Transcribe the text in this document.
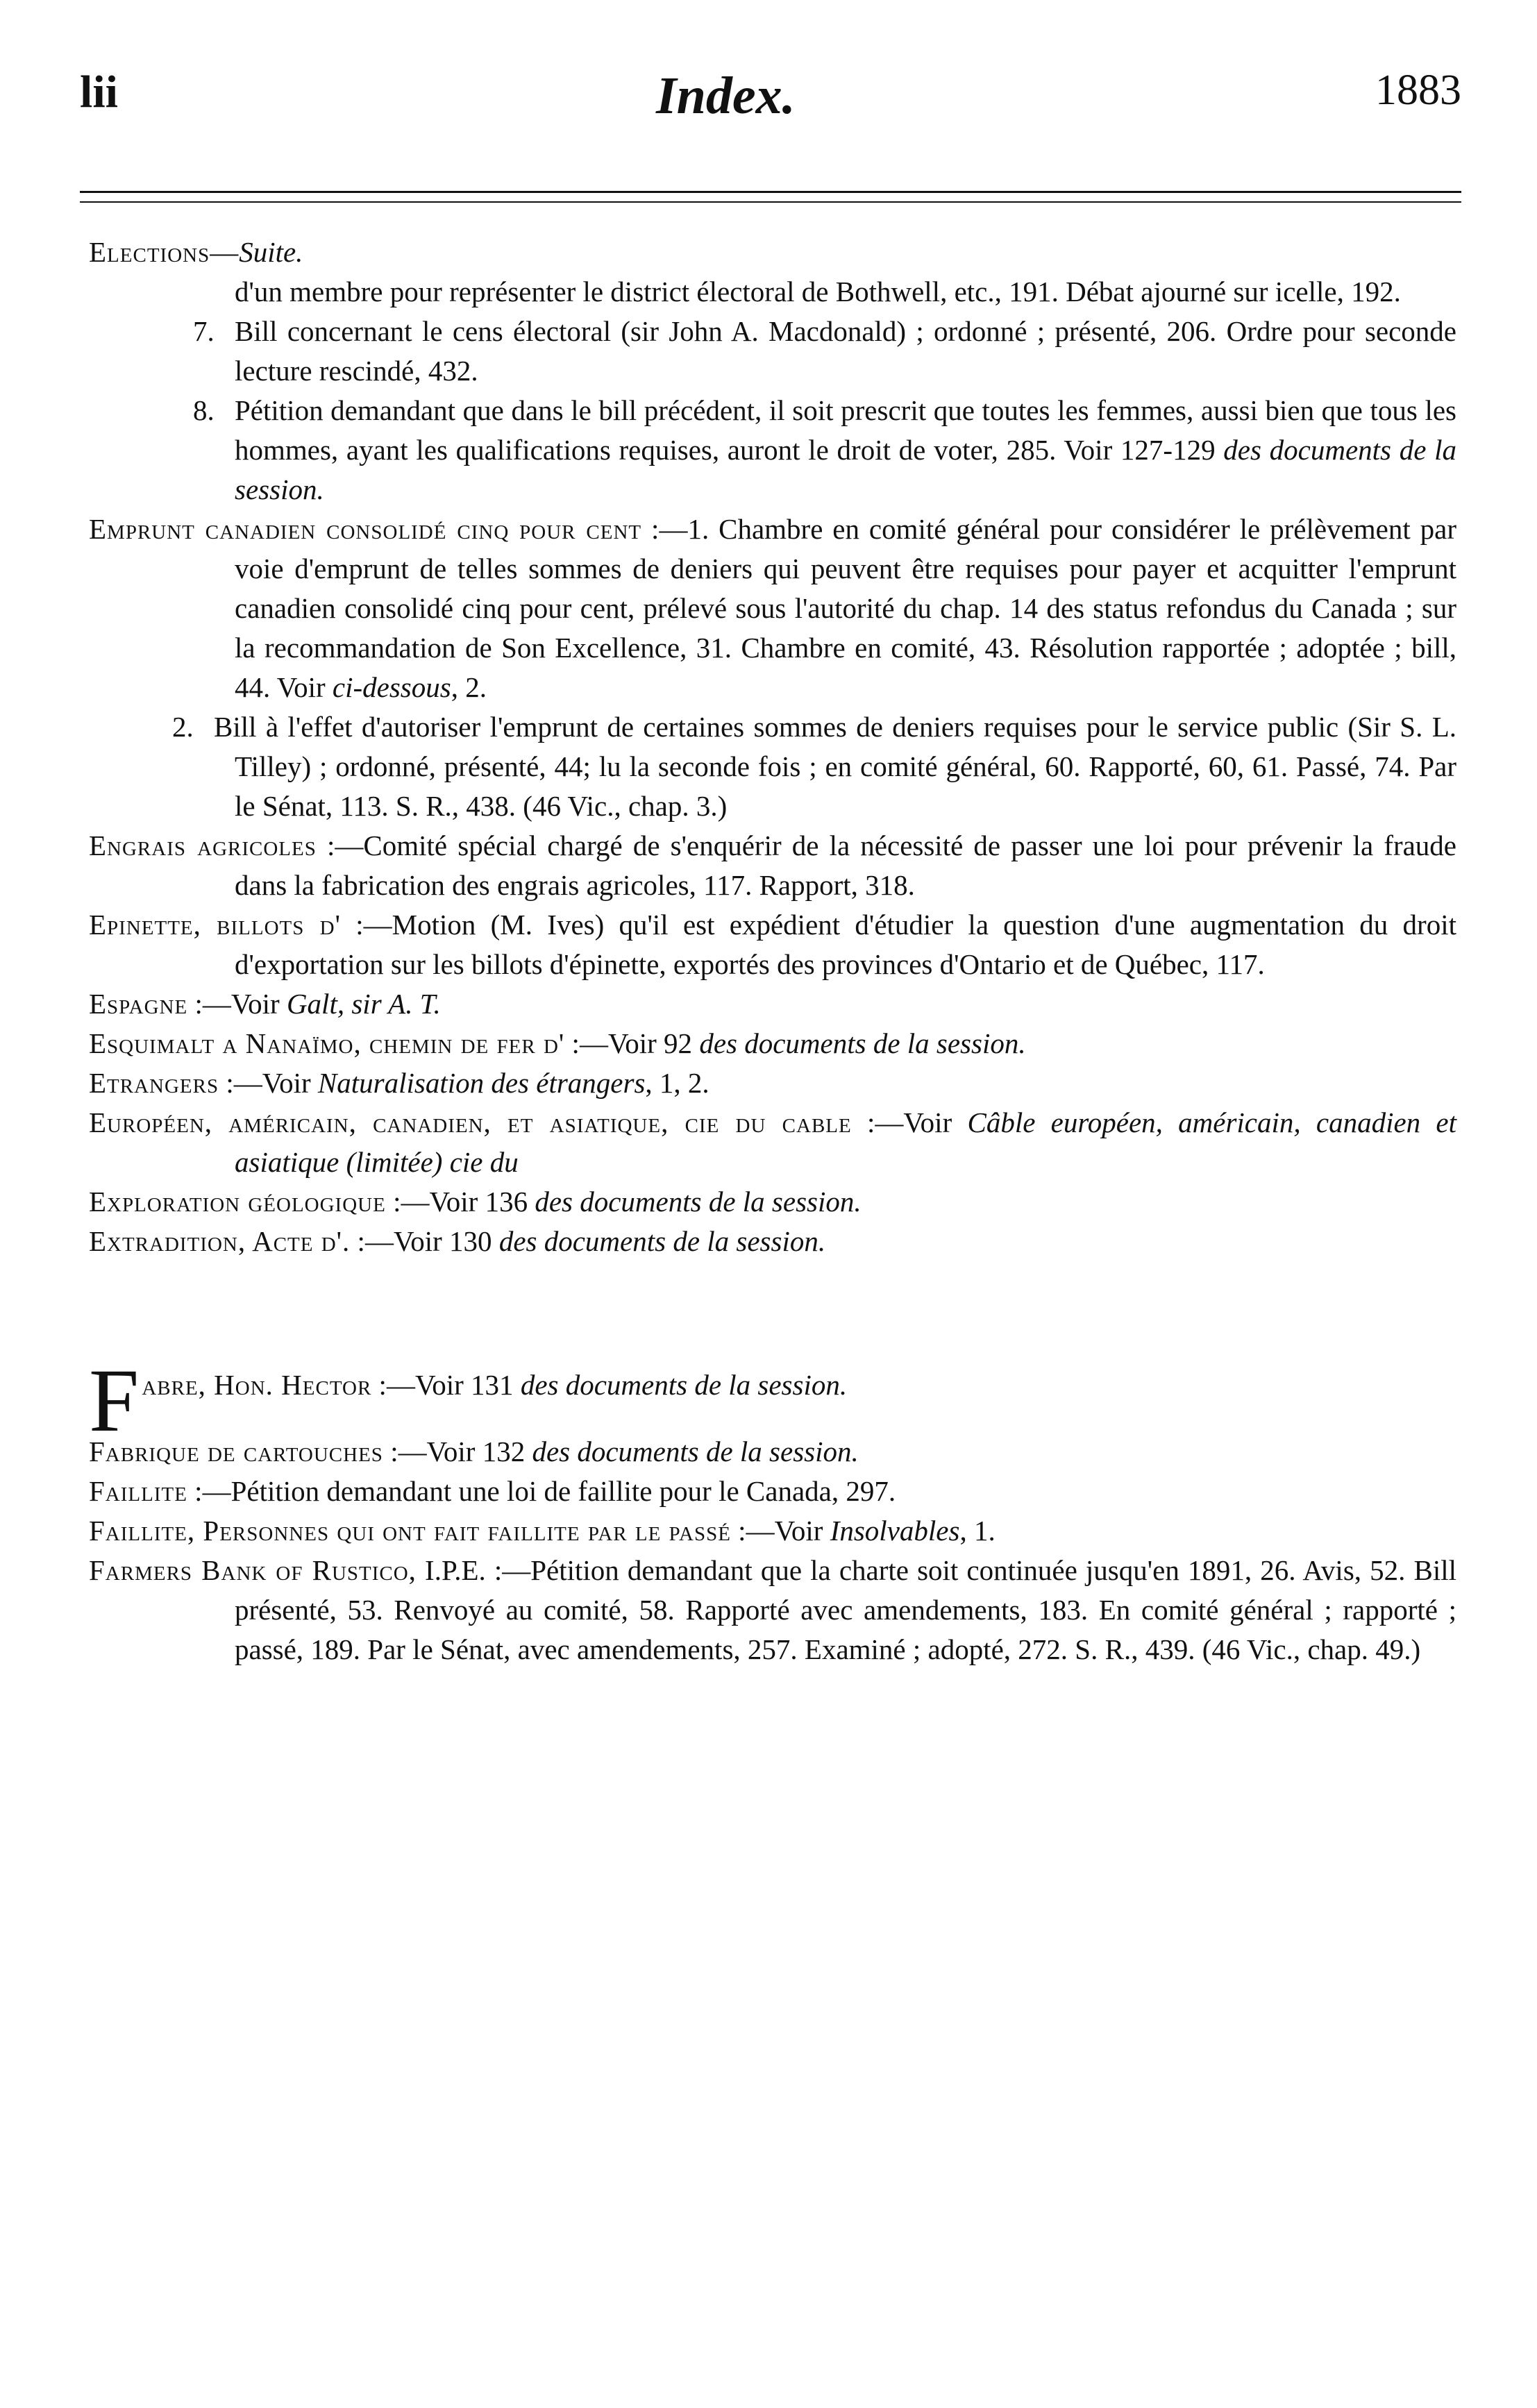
lii	Index.	1883

Elections—Suite.

d'un membre pour représenter le district électoral de Bothwell, etc., 191. Débat ajourné sur icelle, 192.

7. Bill concernant le cens électoral (sir John A. Macdonald) ; ordonné ; présenté, 206. Ordre pour seconde lecture rescindé, 432.

8. Pétition demandant que dans le bill précédent, il soit prescrit que toutes les femmes, aussi bien que tous les hommes, ayant les qualifications requises, auront le droit de voter, 285. Voir 127-129 des documents de la session.

Emprunt canadien consolidé cinq pour cent :—1. Chambre en comité général pour considérer le prélèvement par voie d'emprunt de telles sommes de deniers qui peuvent être requises pour payer et acquitter l'emprunt canadien consolidé cinq pour cent, prélevé sous l'autorité du chap. 14 des status refondus du Canada ; sur la recommandation de Son Excellence, 31. Chambre en comité, 43. Résolution rapportée ; adoptée ; bill, 44. Voir ci-dessous, 2.

2. Bill à l'effet d'autoriser l'emprunt de certaines sommes de deniers requises pour le service public (Sir S. L. Tilley) ; ordonné, présenté, 44; lu la seconde fois ; en comité général, 60. Rapporté, 60, 61. Passé, 74. Par le Sénat, 113. S. R., 438. (46 Vic., chap. 3.)

Engrais agricoles :—Comité spécial chargé de s'enquérir de la nécessité de passer une loi pour prévenir la fraude dans la fabrication des engrais agricoles, 117. Rapport, 318.

Epinette, billots d' :—Motion (M. Ives) qu'il est expédient d'étudier la question d'une augmentation du droit d'exportation sur les billots d'épinette, exportés des provinces d'Ontario et de Québec, 117.

Espagne :—Voir Galt, sir A. T.

Esquimalt a Nanaïmo, chemin de fer d' :—Voir 92 des documents de la session.

Etrangers :—Voir Naturalisation des étrangers, 1, 2.

Européen, américain, canadien, et asiatique, cie du cable :—Voir Câble européen, américain, canadien et asiatique (limitée) cie du

Exploration géologique :—Voir 136 des documents de la session.

Extradition, Acte d'. :—Voir 130 des documents de la session.

Fabre, Hon. Hector :—Voir 131 des documents de la session.

Fabrique de cartouches :—Voir 132 des documents de la session.

Faillite :—Pétition demandant une loi de faillite pour le Canada, 297.

Faillite, Personnes qui ont fait faillite par le passé :—Voir Insolvables, 1.

Farmers Bank of Rustico, I.P.E. :—Pétition demandant que la charte soit continuée jusqu'en 1891, 26. Avis, 52. Bill présenté, 53. Renvoyé au comité, 58. Rapporté avec amendements, 183. En comité général ; rapporté ; passé, 189. Par le Sénat, avec amendements, 257. Examiné ; adopté, 272. S. R., 439. (46 Vic., chap. 49.)
